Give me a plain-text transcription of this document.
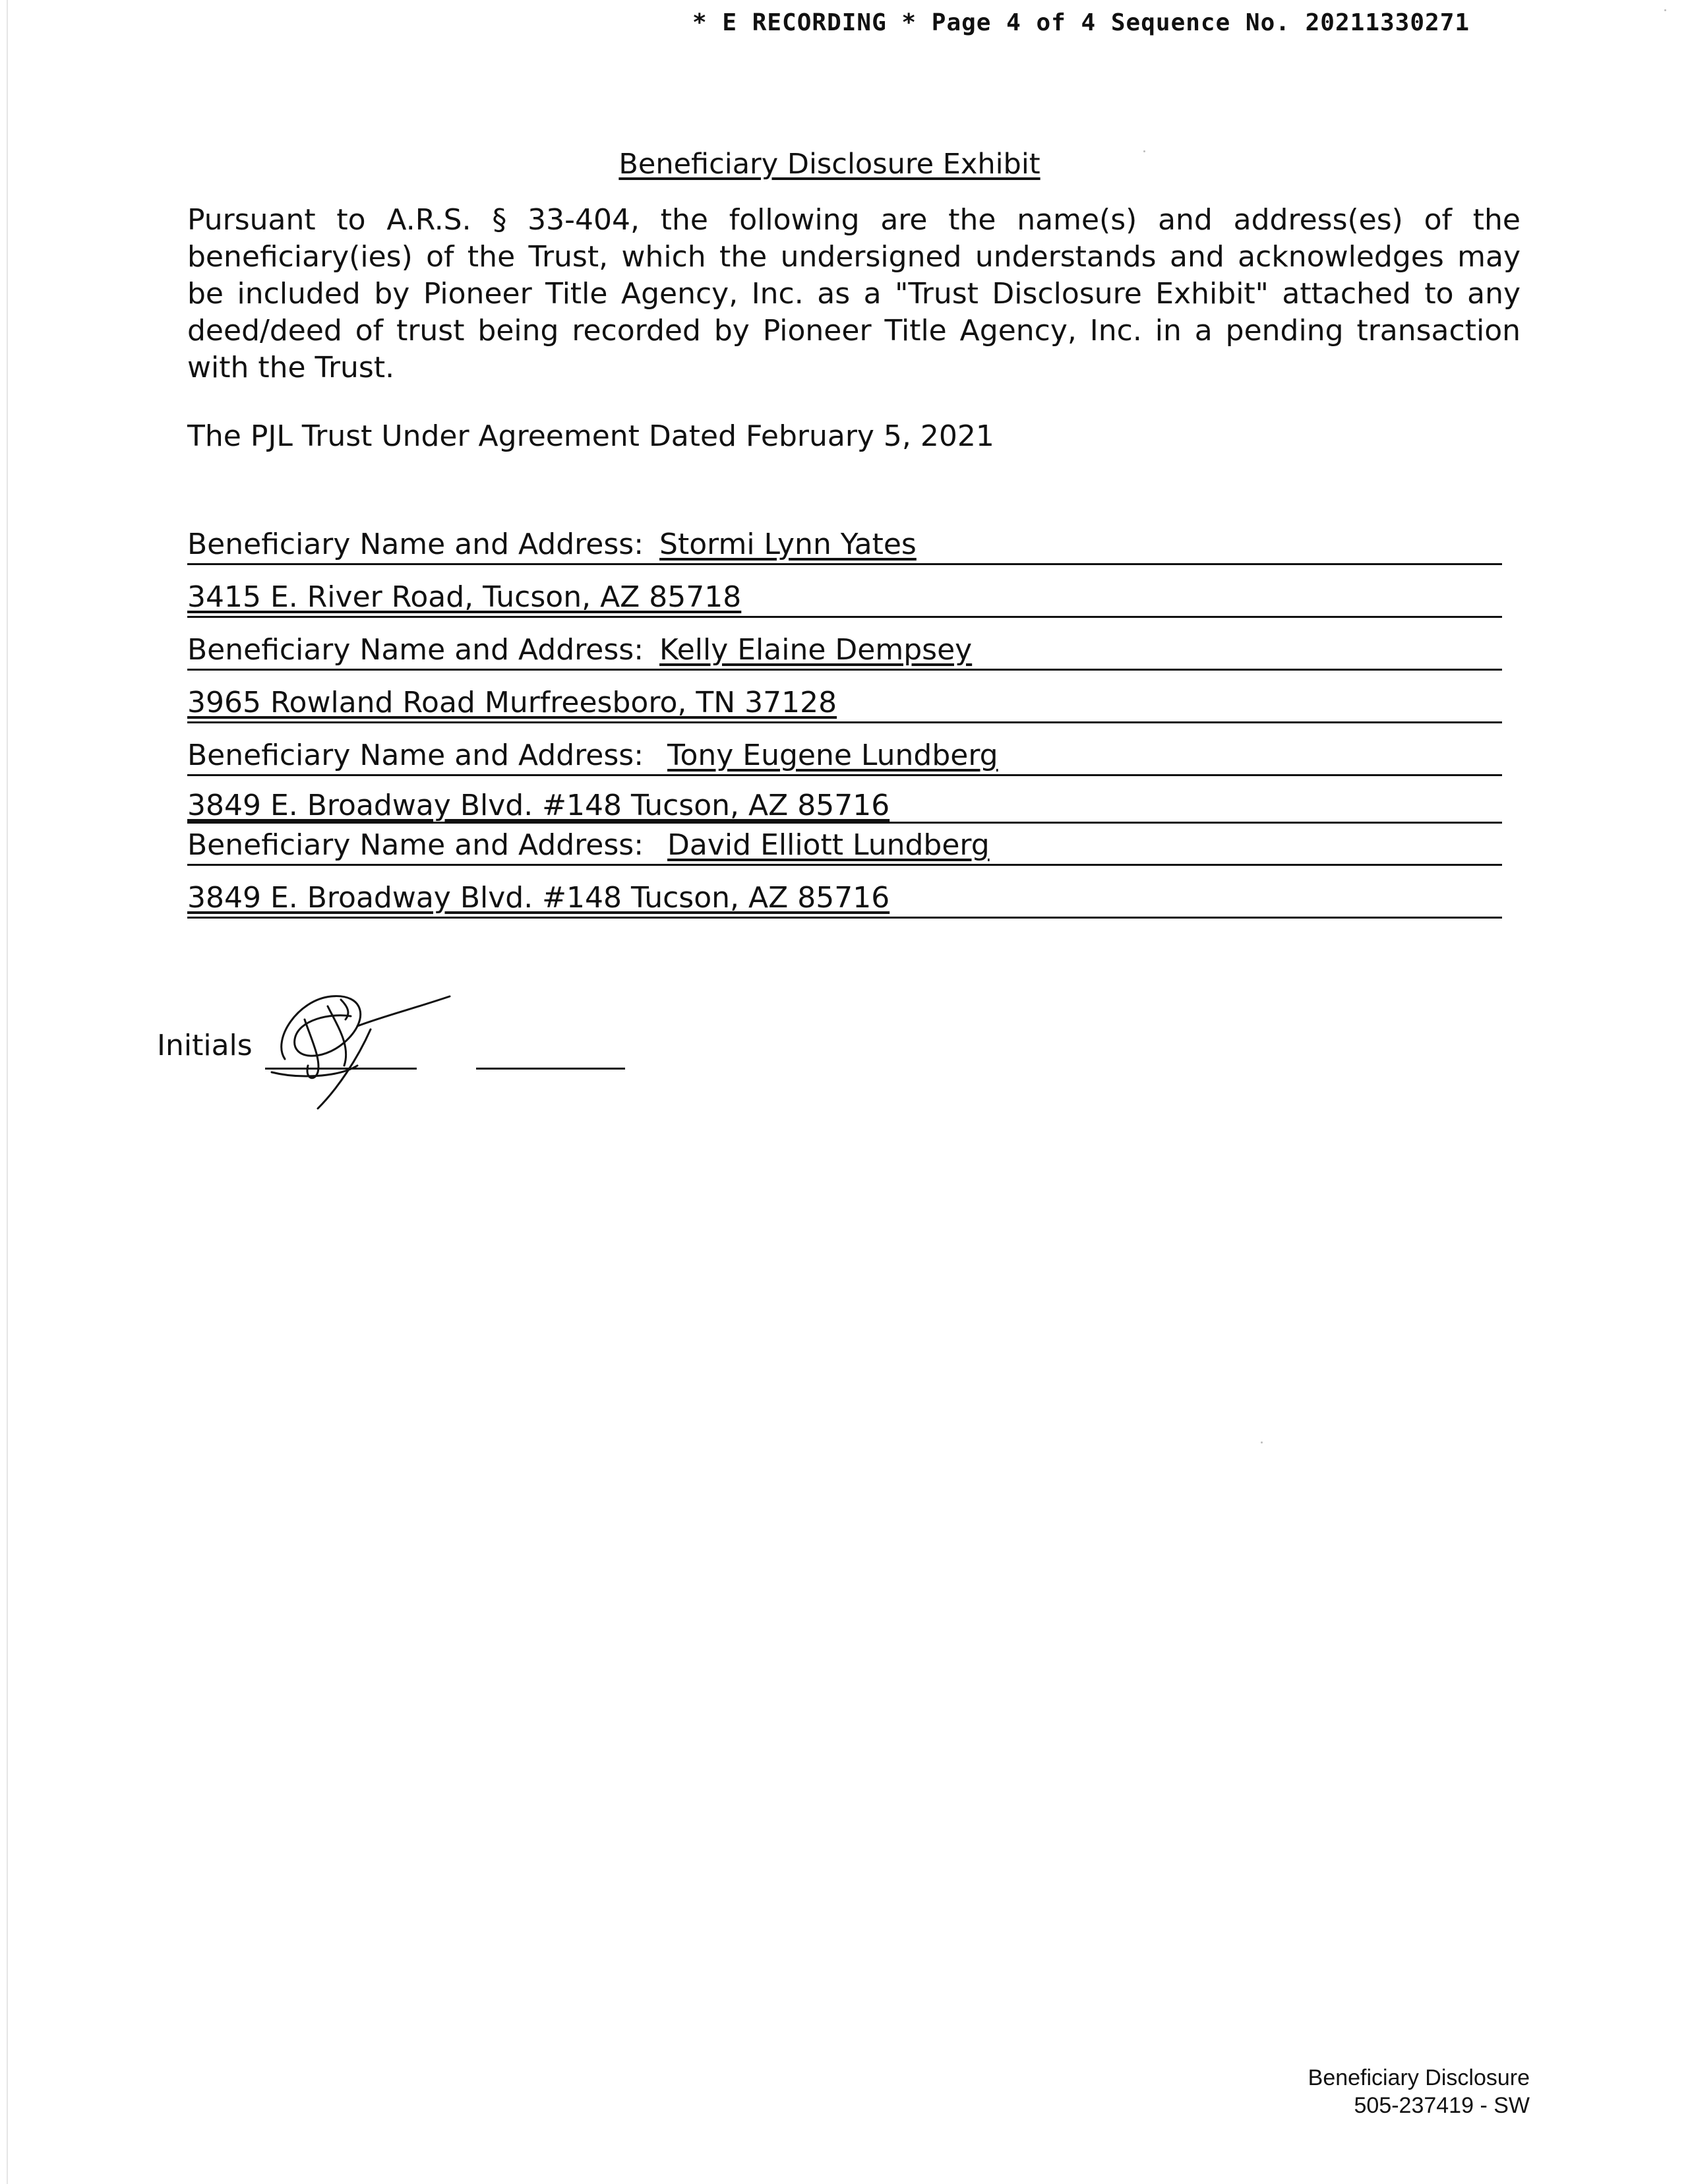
* E RECORDING * Page 4 of 4 Sequence No. 20211330271
Beneficiary Disclosure Exhibit

Pursuant to A.R.S. § 33-404, the following are the name(s) and address(es) of the beneficiary(ies) of the Trust, which the undersigned understands and acknowledges may be included by Pioneer Title Agency, Inc. as a "Trust Disclosure Exhibit" attached to any deed/deed of trust being recorded by Pioneer Title Agency, Inc. in a pending transaction with the Trust.

The PJL Trust Under Agreement Dated February 5, 2021
Beneficiary Name and Address: Stormi Lynn Yates
3415 E. River Road, Tucson, AZ 85718
Beneficiary Name and Address: Kelly Elaine Dempsey
3965 Rowland Road Murfreesboro, TN 37128
Beneficiary Name and Address: Tony Eugene Lundberg
3849 E. Broadway Blvd. #148 Tucson, AZ 85716
Beneficiary Name and Address: David Elliott Lundberg
3849 E. Broadway Blvd. #148 Tucson, AZ 85716
Initials
Beneficiary Disclosure
505-237419 - SW
